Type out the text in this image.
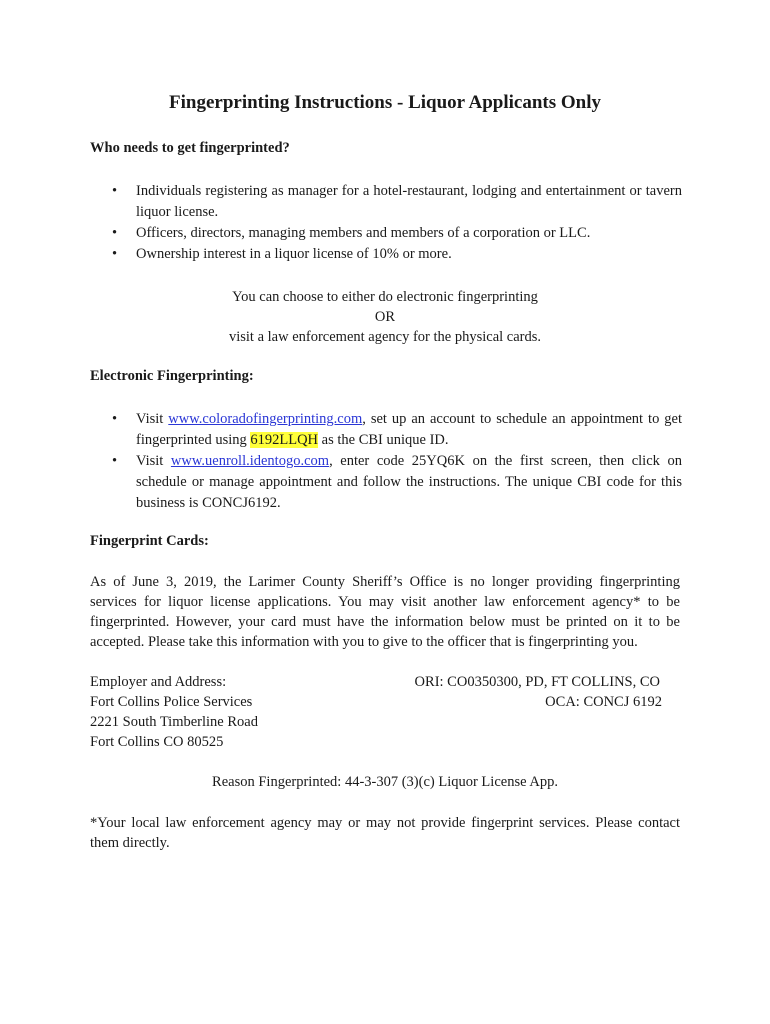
Fingerprinting Instructions - Liquor Applicants Only
Who needs to get fingerprinted?
• Individuals registering as manager for a hotel-restaurant, lodging and entertainment or tavern liquor license.
• Officers, directors, managing members and members of a corporation or LLC.
• Ownership interest in a liquor license of 10% or more.
You can choose to either do electronic fingerprinting
OR
visit a law enforcement agency for the physical cards.
Electronic Fingerprinting:
• Visit www.coloradofingerprinting.com, set up an account to schedule an appointment to get fingerprinted using 6192LLQH as the CBI unique ID.
• Visit www.uenroll.identogo.com, enter code 25YQ6K on the first screen, then click on schedule or manage appointment and follow the instructions. The unique CBI code for this business is CONCJ6192.
Fingerprint Cards:

As of June 3, 2019, the Larimer County Sheriff’s Office is no longer providing fingerprinting services for liquor license applications. You may visit another law enforcement agency* to be fingerprinted. However, your card must have the information below must be printed on it to be accepted. Please take this information with you to give to the officer that is fingerprinting you.

Employer and Address:
Fort Collins Police Services
2221 South Timberline Road
Fort Collins CO 80525
ORI: CO0350300, PD, FT COLLINS, CO
OCA: CONCJ 6192
Reason Fingerprinted: 44-3-307 (3)(c) Liquor License App.

*Your local law enforcement agency may or may not provide fingerprint services. Please contact them directly.
